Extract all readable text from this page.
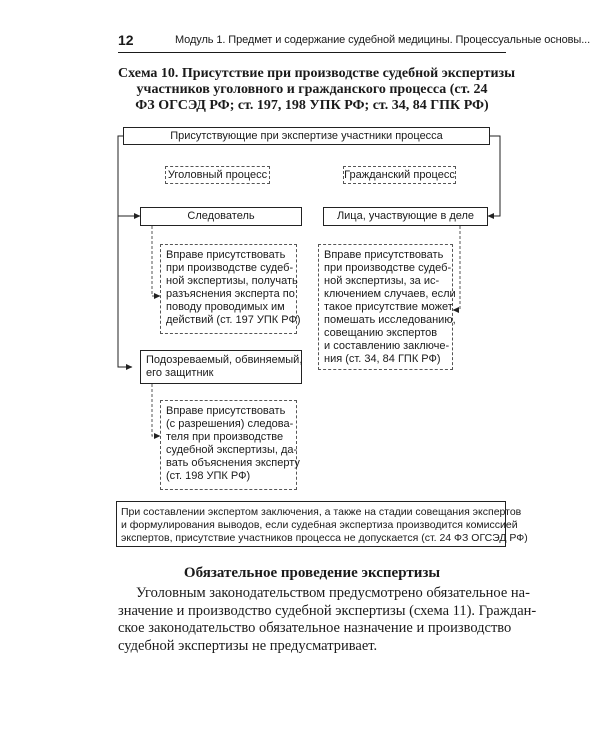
12	Модуль 1. Предмет и содержание судебной медицины. Процессуальные основы...
Схема 10. Присутствие при производстве судебной экспертизы
участников уголовного и гражданского процесса (ст. 24
ФЗ ОГСЭД РФ; ст. 197, 198 УПК РФ; ст. 34, 84 ГПК РФ)
Присутствующие при экспертизе участники процесса
Уголовный процесс	Гражданский процесс
Следователь	Лица, участвующие в деле
Вправе присутствовать
при производстве судеб-
ной экспертизы, получать
разъяснения эксперта по
поводу проводимых им
действий (ст. 197 УПК РФ)
Вправе присутствовать
при производстве судеб-
ной экспертизы, за ис-
ключением случаев, если
такое присутствие может
помешать исследованию,
совещанию экспертов
и составлению заключе-
ния (ст. 34, 84 ГПК РФ)
Подозреваемый, обвиняемый,
его защитник
Вправе присутствовать
(с разрешения) следова-
теля при производстве
судебной экспертизы, да-
вать объяснения эксперту
(ст. 198 УПК РФ)
При составлении экспертом заключения, а также на стадии совещания экспертов
и формулирования выводов, если судебная экспертиза производится комиссией
экспертов, присутствие участников процесса не допускается (ст. 24 ФЗ ОГСЭД РФ)
Обязательное проведение экспертизы
Уголовным законодательством предусмотрено обязательное на-
значение и производство судебной экспертизы (схема 11). Граждан-
ское законодательство обязательное назначение и производство
судебной экспертизы не предусматривает.
